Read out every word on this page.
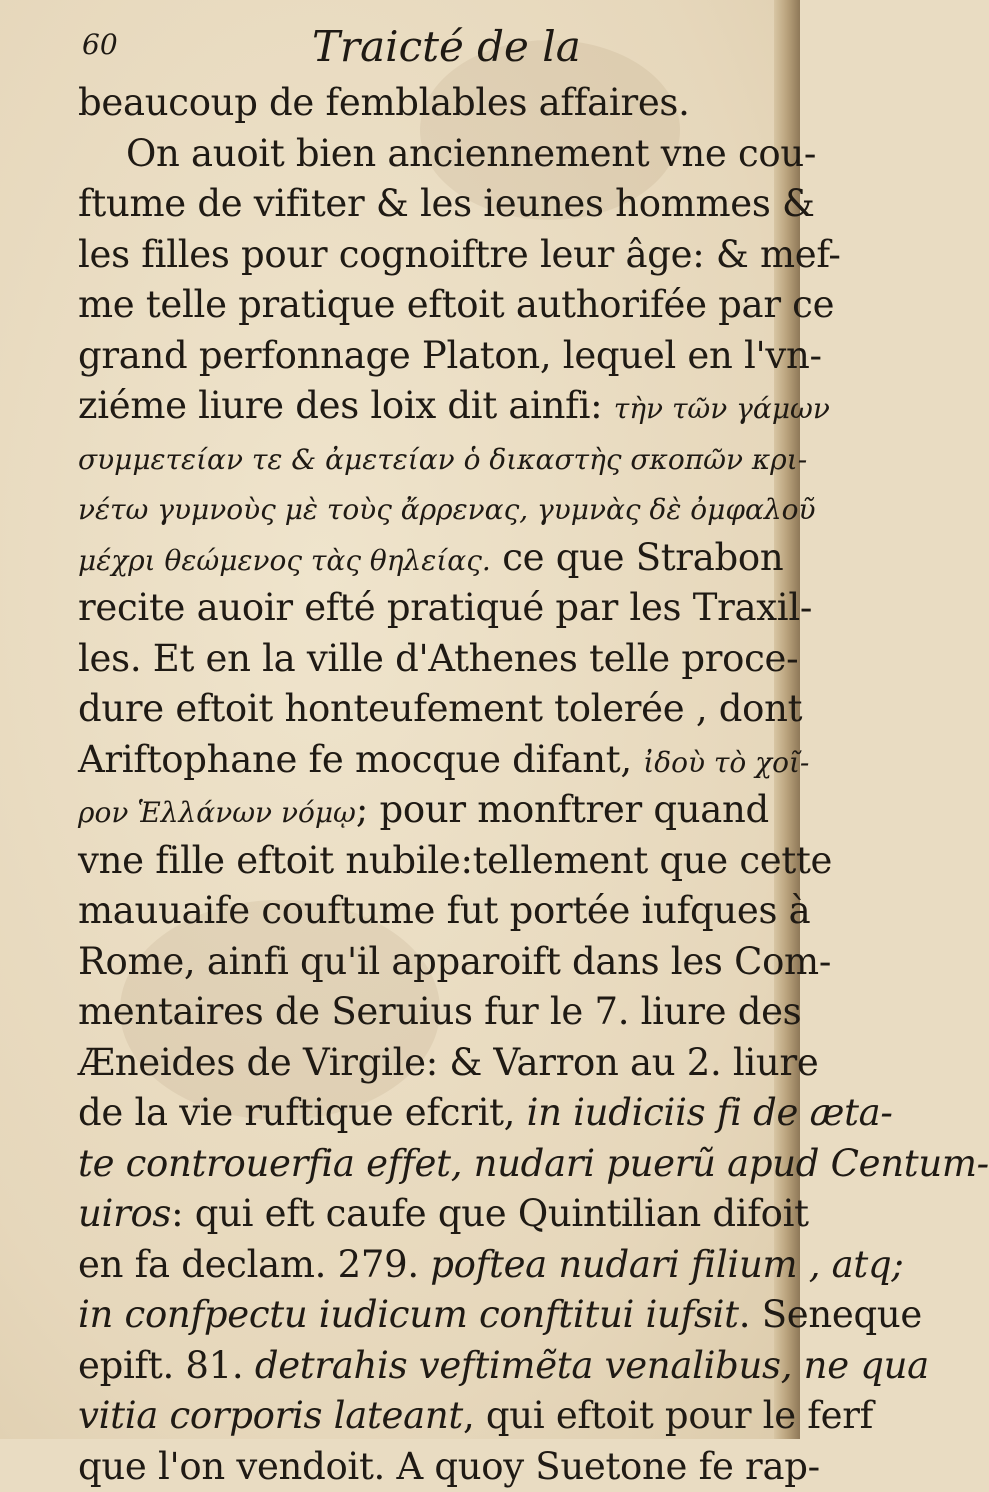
60	Traicté de la
beaucoup de femblables affaires.
On auoit bien anciennement vne cou-
ftume de vifiter & les ieunes hommes &
les filles pour cognoiftre leur âge: & mef-
me telle pratique eftoit authorifée par ce
grand perfonnage Platon, lequel en l'vn-
ziéme liure des loix dit ainfi: τὴν τῶν γάμων
συμμετείαν τε & ἀμετείαν ὁ δικαστὴς σκοπῶν κρι-
νέτω γυμνοὺς μὲ τοὺς ἄρρενας, γυμνὰς δὲ ὀμφαλοῦ
μέχρι θεώμενος τὰς θηλείας. ce que Strabon
recite auoir efté pratiqué par les Traxil-
les. Et en la ville d'Athenes telle proce-
dure eftoit honteufement tolerée , dont
Ariftophane fe mocque difant, ἰδοὺ τὸ χοῖ-
ρον Ἑλλάνων νόμῳ; pour monftrer quand
vne fille eftoit nubile:tellement que cette
mauuaife couftume fut portée iufques à
Rome, ainfi qu'il apparoift dans les Com-
mentaires de Seruius fur le 7. liure des
Æneides de Virgile: & Varron au 2. liure
de la vie ruftique efcrit, in iudiciis fi de æta-
te controuerfia effet, nudari puerũ apud Centum-
uiros: qui eft caufe que Quintilian difoit
en fa declam. 279. poftea nudari filium , atq;
in confpectu iudicum conftitui iufsit. Seneque
epift. 81. detrahis veftimẽta venalibus, ne qua
vitia corporis lateant, qui eftoit pour le ferf
que l'on vendoit. A quoy Suetone fe rap-
